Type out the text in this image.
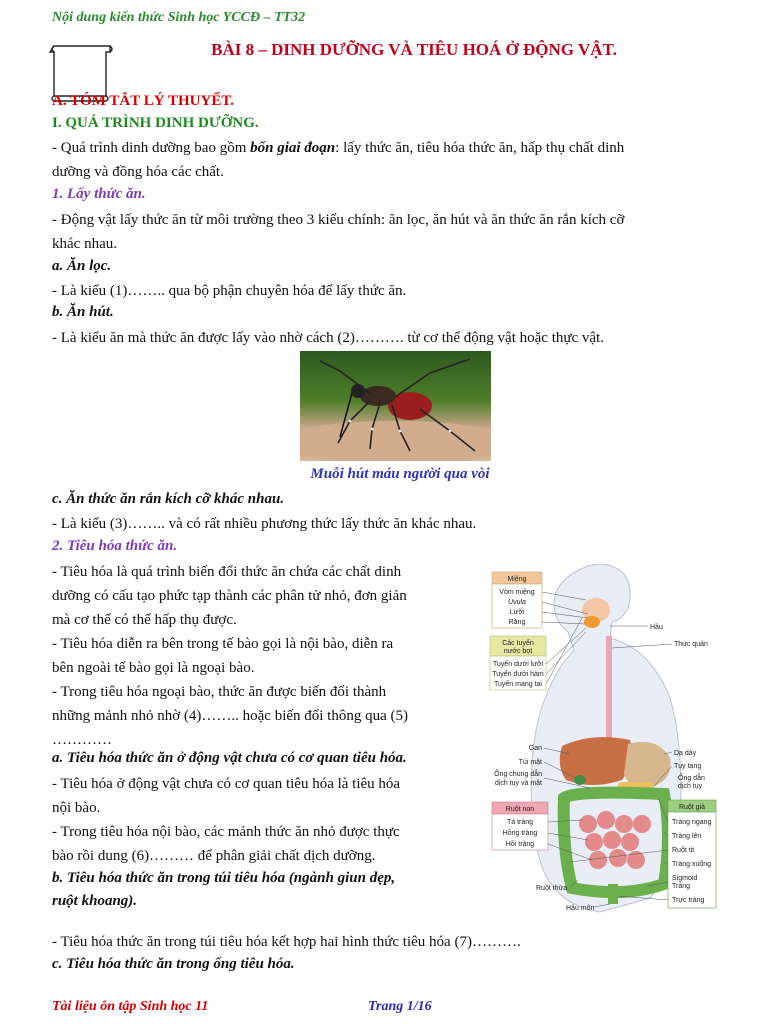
Nội dung kiến thức Sinh học YCCĐ – TT32
BÀI 8 – DINH DƯỠNG VÀ TIÊU HOÁ Ở ĐỘNG VẬT.
A. TÓM TẮT LÝ THUYẾT.
I. QUÁ TRÌNH DINH DƯỠNG.
- Quá trình dinh dưỡng bao gồm bốn giai đoạn: lấy thức ăn, tiêu hóa thức ăn, hấp thụ chất dinh
dưỡng và đồng hóa các chất.
1. Lấy thức ăn.
- Động vật lấy thức ăn từ môi trường theo 3 kiểu chính: ăn lọc, ăn hút và ăn thức ăn rắn kích cỡ
khác nhau.
a. Ăn lọc.
- Là kiểu (1)…….. qua bộ phận chuyên hóa để lấy thức ăn.
b. Ăn hút.
- Là kiểu ăn mà thức ăn được lấy vào nhờ cách (2)………. từ cơ thể động vật hoặc thực vật.
Muỗi hút máu người qua vòi
c. Ăn thức ăn rắn kích cỡ khác nhau.
- Là kiểu (3)…….. và có rất nhiều phương thức lấy thức ăn khác nhau.
2. Tiêu hóa thức ăn.
- Tiêu hóa là quá trình biến đổi thức ăn chứa các chất dinh
dưỡng có cấu tạo phức tạp thành các phân tử nhỏ, đơn giản
mà cơ thể có thể hấp thụ được.
- Tiêu hóa diễn ra bên trong tế bào gọi là nội bào, diễn ra
bên ngoài tế bào gọi là ngoại bào.
- Trong tiêu hóa ngoại bào, thức ăn được biến đổi thành
những mảnh nhỏ nhờ (4)…….. hoặc biến đổi thông qua (5)
…………
a. Tiêu hóa thức ăn ở động vật chưa có cơ quan tiêu hóa.
- Tiêu hóa ở động vật chưa có cơ quan tiêu hóa là tiêu hóa
nội bào.
- Trong tiêu hóa nội bào, các mảnh thức ăn nhỏ được thực
bào rồi dung (6)……… để phân giải chất dịch dưỡng.
b. Tiêu hóa thức ăn trong túi tiêu hóa (ngành giun dẹp,
ruột khoang).
- Tiêu hóa thức ăn trong túi tiêu hóa kết hợp hai hình thức tiêu hóa (7)……….
c. Tiêu hóa thức ăn trong ống tiêu hóa.
Miệng
Vòm miệng
Uvula
Lưỡi
Răng
Các tuyến
nước bọt
Tuyến dưới lưỡi
Tuyến dưới hàm
Tuyến mang tai
Hầu
Thực quản
Gan
Túi mật
Ống chung dẫn
dịch tụy và mật
Dạ dày
Tụy tạng
Ống dẫn
dịch tụy
Ruột non
Tá tràng
Hồng tràng
Hồi tràng
Ruột già
Tràng ngang
Tràng lên
Ruột tịt
Tràng xuống
Sigmoid
Tràng
Trực tràng
Ruột thừa
Hậu môn
Tài liệu ôn tập Sinh học 11	Trang 1/16
